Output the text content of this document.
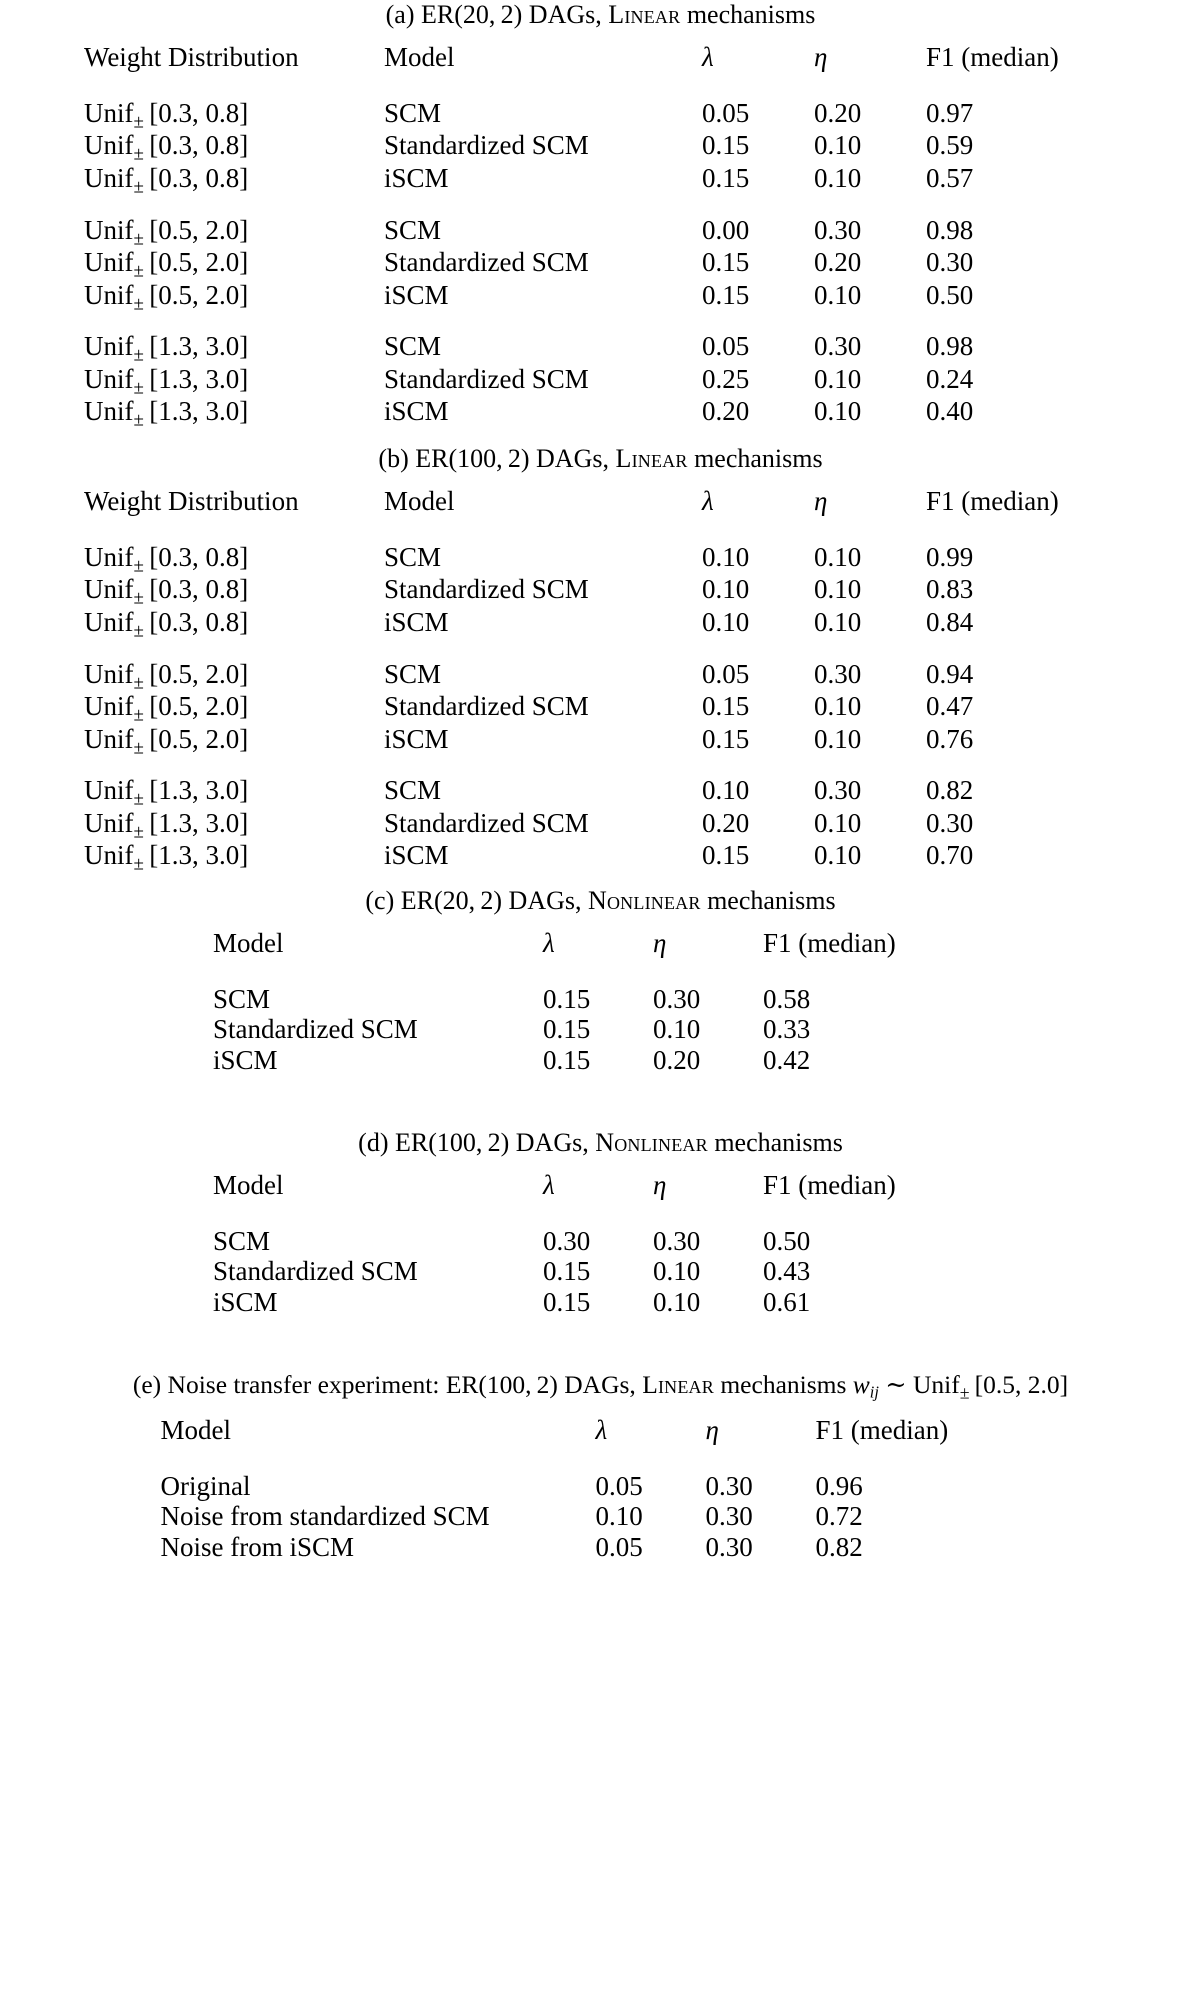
(a) ER(20, 2) DAGs, Linear mechanisms

Weight Distribution	Model	λ	η	F1 (median)
Unif$_\pm$  [0.3, 0.8]	SCM	0.05	0.20	0.97
Unif$_\pm$  [0.3, 0.8]	Standardized SCM	0.15	0.10	0.59
Unif$_\pm$  [0.3, 0.8]	iSCM	0.15	0.10	0.57
Unif$_\pm$  [0.5, 2.0]	SCM	0.00	0.30	0.98
Unif$_\pm$  [0.5, 2.0]	Standardized SCM	0.15	0.20	0.30
Unif$_\pm$  [0.5, 2.0]	iSCM	0.15	0.10	0.50
Unif$_\pm$  [1.3, 3.0]	SCM	0.05	0.30	0.98
Unif$_\pm$  [1.3, 3.0]	Standardized SCM	0.25	0.10	0.24
Unif$_\pm$  [1.3, 3.0]	iSCM	0.20	0.10	0.40

(b) ER(100, 2) DAGs, Linear mechanisms

Weight Distribution	Model	λ	η	F1 (median)
Unif$_\pm$  [0.3, 0.8]	SCM	0.10	0.10	0.99
Unif$_\pm$  [0.3, 0.8]	Standardized SCM	0.10	0.10	0.83
Unif$_\pm$  [0.3, 0.8]	iSCM	0.10	0.10	0.84
Unif$_\pm$  [0.5, 2.0]	SCM	0.05	0.30	0.94
Unif$_\pm$  [0.5, 2.0]	Standardized SCM	0.15	0.10	0.47
Unif$_\pm$  [0.5, 2.0]	iSCM	0.15	0.10	0.76
Unif$_\pm$  [1.3, 3.0]	SCM	0.10	0.30	0.82
Unif$_\pm$  [1.3, 3.0]	Standardized SCM	0.20	0.10	0.30
Unif$_\pm$  [1.3, 3.0]	iSCM	0.15	0.10	0.70

(c) ER(20, 2) DAGs, Nonlinear mechanisms

Model	λ	η	F1 (median)
SCM	0.15	0.30	0.58
Standardized SCM	0.15	0.10	0.33
iSCM	0.15	0.20	0.42

(d) ER(100, 2) DAGs, Nonlinear mechanisms

Model	λ	η	F1 (median)
SCM	0.30	0.30	0.50
Standardized SCM	0.15	0.10	0.43
iSCM	0.15	0.10	0.61

(e) Noise transfer experiment: ER(100, 2) DAGs, Linear mechanisms $w_{ij}$ ∼ Unif$_\pm$  [0.5, 2.0]

Model	λ	η	F1 (median)
Original	0.05	0.30	0.96
Noise from standardized SCM	0.10	0.30	0.72
Noise from iSCM	0.05	0.30	0.82
